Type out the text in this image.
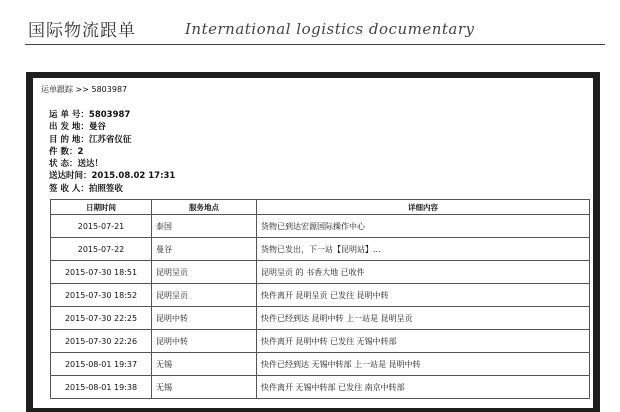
国际物流跟单	International logistics documentary
运单跟踪 >> 5803987
运 单 号：5803987
出 发 地：曼谷
目 的 地：江苏省仪征
件 数：2
状 态：送达！
送达时间：2015.08.02 17:31
签 收 人：拍照签收
日期时间	服务地点	详细内容
2015-07-21	泰国	货物已到达宏源国际操作中心
2015-07-22	曼谷	货物已发出，下一站【昆明站】...
2015-07-30 18:51	昆明呈贡	昆明呈贡 的 书香大地 已收件
2015-07-30 18:52	昆明呈贡	快件离开 昆明呈贡 已发往 昆明中转
2015-07-30 22:25	昆明中转	快件已经到达 昆明中转 上一站是 昆明呈贡
2015-07-30 22:26	昆明中转	快件离开 昆明中转 已发往 无锡中转部
2015-08-01 19:37	无锡	快件已经到达 无锡中转部 上一站是 昆明中转
2015-08-01 19:38	无锡	快件离开 无锡中转部 已发往 南京中转部
